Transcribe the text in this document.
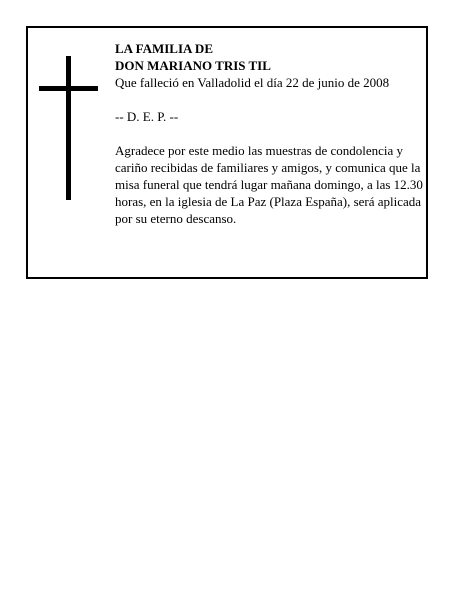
LA FAMILIA DE

DON MARIANO TRIS TIL

Que falleció en Valladolid el día 22 de junio de 2008

-- D. E. P. --

Agradece por este medio las muestras de condolencia y cariño recibidas de familiares y amigos, y comunica que la misa funeral que tendrá lugar mañana domingo, a las 12.30 horas, en la iglesia de La Paz (Plaza España), será aplicada por su eterno descanso.
